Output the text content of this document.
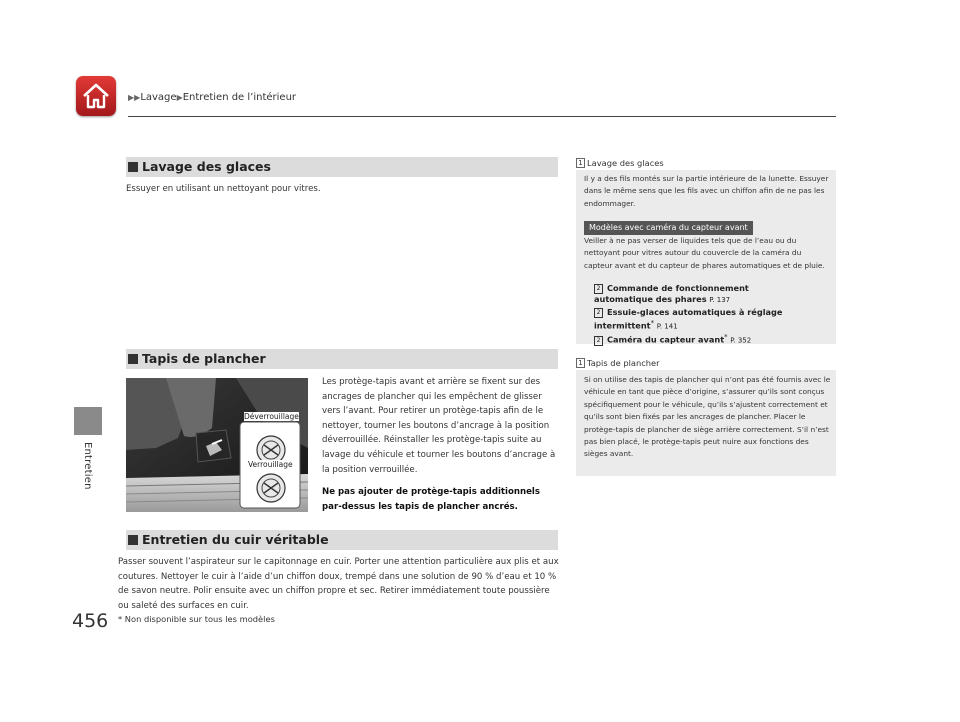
▶▶Lavage▶Entretien de l’intérieur
Entretien
456
Lavage des glaces
Essuyer en utilisant un nettoyant pour vitres.
Tapis de plancher
Déverrouillage
Verrouillage
Les protège-tapis avant et arrière se fixent sur des ancrages de plancher qui les empêchent de glisser vers l’avant. Pour retirer un protège-tapis afin de le nettoyer, tourner les boutons d’ancrage à la position déverrouillée. Réinstaller les protège-tapis suite au lavage du véhicule et tourner les boutons d’ancrage à la position verrouillée.
Ne pas ajouter de protège-tapis additionnels par-dessus les tapis de plancher ancrés.
Entretien du cuir véritable
Passer souvent l’aspirateur sur le capitonnage en cuir. Porter une attention particulière aux plis et aux coutures. Nettoyer le cuir à l’aide d’un chiffon doux, trempé dans une solution de 90 % d’eau et 10 % de savon neutre. Polir ensuite avec un chiffon propre et sec. Retirer immédiatement toute poussière ou saleté des surfaces en cuir.
* Non disponible sur tous les modèles
1 Lavage des glaces
Il y a des fils montés sur la partie intérieure de la lunette. Essuyer dans le même sens que les fils avec un chiffon afin de ne pas les endommager.
Modèles avec caméra du capteur avant
Veiller à ne pas verser de liquides tels que de l’eau ou du nettoyant pour vitres autour du couvercle de la caméra du capteur avant et du capteur de phares automatiques et de pluie.
2 Commande de fonctionnement automatique des phares P. 137
2 Essuie-glaces automatiques à réglage intermittent* P. 141
2 Caméra du capteur avant* P. 352
1 Tapis de plancher
Si on utilise des tapis de plancher qui n’ont pas été fournis avec le véhicule en tant que pièce d’origine, s’assurer qu’ils sont conçus spécifiquement pour le véhicule, qu’ils s’ajustent correctement et qu’ils sont bien fixés par les ancrages de plancher. Placer le protège-tapis de plancher de siège arrière correctement. S’il n’est pas bien placé, le protège-tapis peut nuire aux fonctions des sièges avant.
